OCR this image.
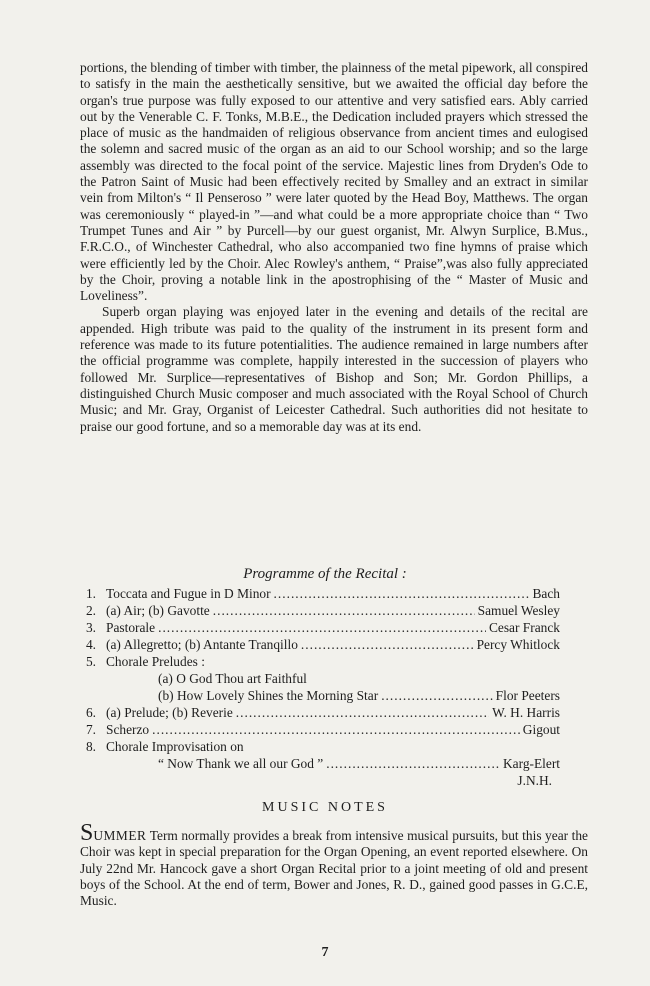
portions, the blending of timber with timber, the plainness of the metal pipework, all conspired to satisfy in the main the aesthetically sensitive, but we awaited the official day before the organ's true purpose was fully exposed to our attentive and very satisfied ears. Ably carried out by the Venerable C. F. Tonks, M.B.E., the Dedication included prayers which stressed the place of music as the handmaiden of religious observance from ancient times and eulogised the solemn and sacred music of the organ as an aid to our School worship; and so the large assembly was directed to the focal point of the service. Majestic lines from Dryden's Ode to the Patron Saint of Music had been effectively recited by Smalley and an extract in similar vein from Milton's “ Il Penseroso ” were later quoted by the Head Boy, Matthews. The organ was ceremoniously “ played-in ”—and what could be a more appropriate choice than “ Two Trumpet Tunes and Air ” by Purcell—by our guest organist, Mr. Alwyn Surplice, B.Mus., F.R.C.O., of Winchester Cathedral, who also accompanied two fine hymns of praise which were efficiently led by the Choir. Alec Rowley's anthem, “ Praise”,was also fully appreciated by the Choir, proving a notable link in the apostrophising of the “ Master of Music and Loveliness”.

Superb organ playing was enjoyed later in the evening and details of the recital are appended. High tribute was paid to the quality of the instrument in its present form and reference was made to its future potentialities. The audience remained in large numbers after the official programme was complete, happily interested in the succession of players who followed Mr. Surplice—representatives of Bishop and Son; Mr. Gordon Phillips, a distinguished Church Music composer and much associated with the Royal School of Church Music; and Mr. Gray, Organist of Leicester Cathedral. Such authorities did not hesitate to praise our good fortune, and so a memorable day was at its end.

Programme of the Recital :
1. Toccata and Fugue in D Minor .....	Bach
2. (a) Air; (b) Gavotte .....	Samuel Wesley
3. Pastorale .....	Cesar Franck
4. (a) Allegretto; (b) Antante Tranqillo .....	Percy Whitlock
5. Chorale Preludes :
(a) O God Thou art Faithful
(b) How Lovely Shines the Morning Star .....	Flor Peeters
6. (a) Prelude; (b) Reverie .....	W. H. Harris
7. Scherzo .....	Gigout
8. Chorale Improvisation on
“ Now Thank we all our God ” .....	Karg-Elert
J.N.H.
MUSIC NOTES

SUMMER Term normally provides a break from intensive musical pursuits, but this year the Choir was kept in special preparation for the Organ Opening, an event reported elsewhere. On July 22nd Mr. Hancock gave a short Organ Recital prior to a joint meeting of old and present boys of the School. At the end of term, Bower and Jones, R. D., gained good passes in G.C.E, Music.

7
